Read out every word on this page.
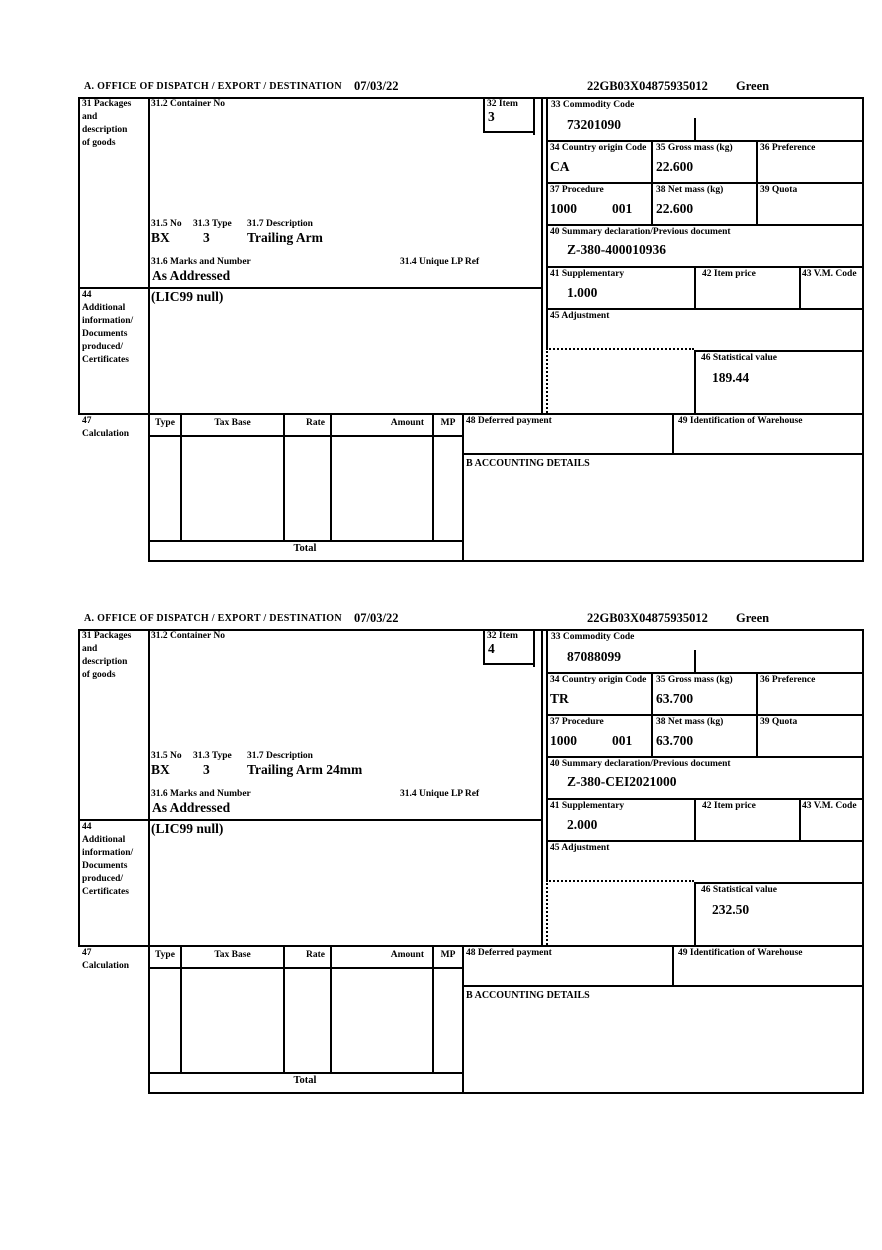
A. OFFICE OF DISPATCH / EXPORT / DESTINATION 07/03/22	22GB03X04875935012 Green
31 Packages
and
description
of goods
31.2 Container No	32 Item
3
33 Commodity Code
73201090
34 Country origin Code
CA
35 Gross mass (kg)
22.600
36 Preference
37 Procedure
1000	001
38 Net mass (kg)
22.600
39 Quota
40 Summary declaration/Previous document
Z-380-400010936
41 Supplementary
1.000
42 Item price	43 V.M. Code
45 Adjustment
46 Statistical value
189.44
31.5 No 31.3 Type 31.7 Description
BX 3	Trailing Arm
31.6 Marks and Number	31.4 Unique LP Ref
As Addressed
44
Additional
information/
Documents
produced/
Certificates
(LIC99 null)
47
Calculation
Type	Tax Base	Rate	Amount	MP
Total
48 Deferred payment	49 Identification of Warehouse
B ACCOUNTING DETAILS
A. OFFICE OF DISPATCH / EXPORT / DESTINATION 07/03/22	22GB03X04875935012 Green
31 Packages
and
description
of goods
31.2 Container No	32 Item
4
33 Commodity Code
87088099
34 Country origin Code
TR
35 Gross mass (kg)
63.700
36 Preference
37 Procedure
1000	001
38 Net mass (kg)
63.700
39 Quota
40 Summary declaration/Previous document
Z-380-CEI2021000
41 Supplementary
2.000
42 Item price	43 V.M. Code
45 Adjustment
46 Statistical value
232.50
31.5 No 31.3 Type 31.7 Description
BX 3	Trailing Arm 24mm
31.6 Marks and Number	31.4 Unique LP Ref
As Addressed
44
Additional
information/
Documents
produced/
Certificates
(LIC99 null)
47
Calculation
Type	Tax Base	Rate	Amount	MP
Total
48 Deferred payment	49 Identification of Warehouse
B ACCOUNTING DETAILS
